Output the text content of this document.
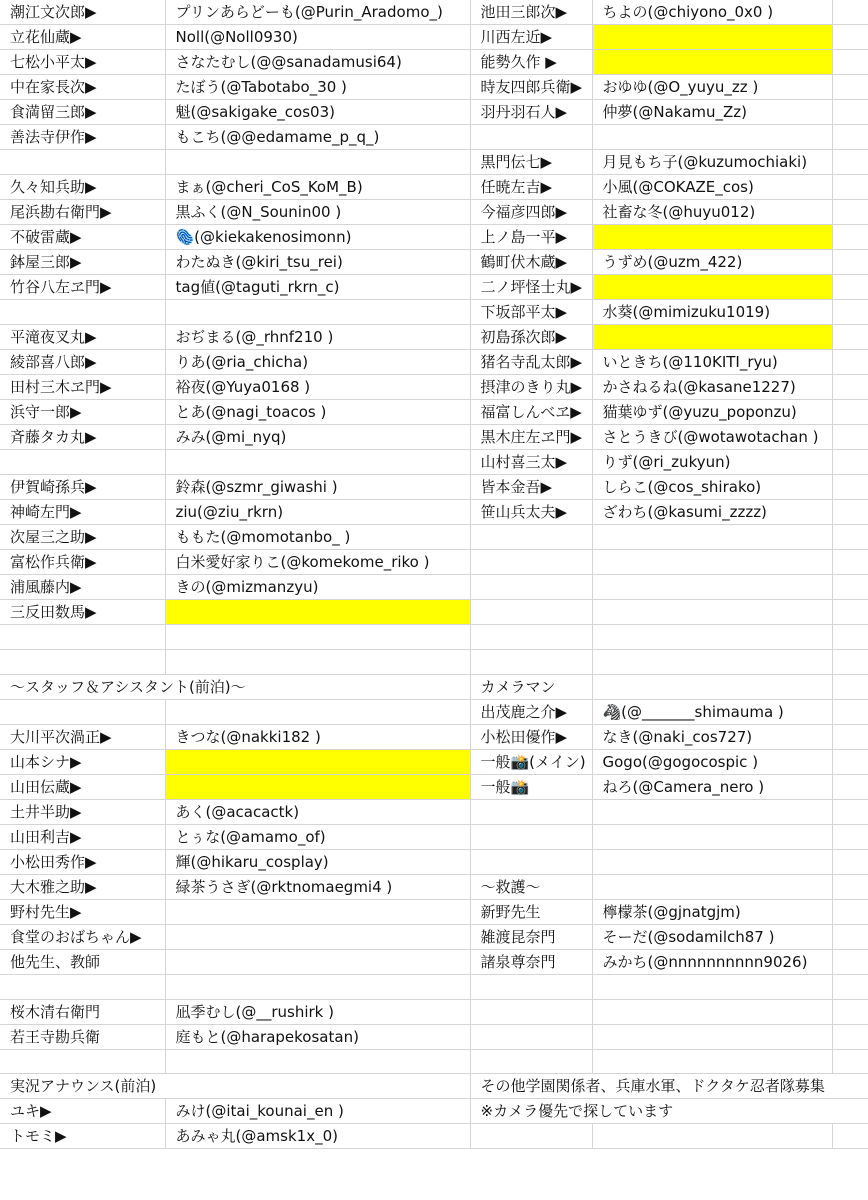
潮江文次郎▶	プリンあらどーも(@Purin_Aradomo_)	池田三郎次▶	ちよの(@chiyono_0x0 )	
立花仙蔵▶	Noll(@Noll0930)	川西左近▶		
七松小平太▶	さなたむし(@@sanadamusi64)	能勢久作 ▶		
中在家長次▶	たぼう(@Tabotabo_30 )	時友四郎兵衛▶	おゆゆ(@O_yuyu_zz )	
食満留三郎▶	魁(@sakigake_cos03)	羽丹羽石人▶	仲夢(@Nakamu_Zz)	
善法寺伊作▶	もこち(@@edamame_p_q_)			
		黒門伝七▶	月見もち子(@kuzumochiaki)	
久々知兵助▶	まぁ(@cheri_CoS_KoM_B)	任暁左吉▶	小風(@COKAZE_cos)	
尾浜勘右衛門▶	黒ふく(@N_Sounin00 )	今福彦四郎▶	社畜な冬(@huyu012)	
不破雷蔵▶	🫆(@kiekakenosimonn)	上ノ島一平▶		
鉢屋三郎▶	わたぬき(@kiri_tsu_rei)	鶴町伏木蔵▶	うずめ(@uzm_422)	
竹谷八左ヱ門▶	tag値(@taguti_rkrn_c)	二ノ坪怪士丸▶		
		下坂部平太▶	水葵(@mimizuku1019)	
平滝夜叉丸▶	おぢまる(@_rhnf210 )	初島孫次郎▶		
綾部喜八郎▶	りあ(@ria_chicha)	猪名寺乱太郎▶	いときち(@110KITI_ryu)	
田村三木ヱ門▶	裕夜(@Yuya0168 )	摂津のきり丸▶	かさねるね(@kasane1227)	
浜守一郎▶	とあ(@nagi_toacos )	福富しんべヱ▶	猫葉ゆず(@yuzu_poponzu)	
斉藤タカ丸▶	みみ(@mi_nyq)	黒木庄左ヱ門▶	さとうきび(@wotawotachan )	
		山村喜三太▶	りず(@ri_zukyun)	
伊賀崎孫兵▶	鈴森(@szmr_giwashi )	皆本金吾▶	しらこ(@cos_shirako)	
神崎左門▶	ziu(@ziu_rkrn)	笹山兵太夫▶	ざわち(@kasumi_zzzz)	
次屋三之助▶	ももた(@momotanbo_ )			
富松作兵衛▶	白米愛好家りこ(@komekome_riko )			
浦風藤内▶	きの(@mizmanzyu)			
三反田数馬▶				

〜スタッフ＆アシスタント(前泊)〜		カメラマン		
		出茂鹿之介▶	🦓(@_______shimauma )	
大川平次渦正▶	きつな(@nakki182 )	小松田優作▶	なき(@naki_cos727)	
山本シナ▶		一般📸(メイン)	Gogo(@gogocospic )	
山田伝蔵▶		一般📸	ねろ(@Camera_nero )	
土井半助▶	あく(@acacactk)			
山田利吉▶	とぅな(@amamo_of)			
小松田秀作▶	輝(@hikaru_cosplay)			
大木雅之助▶	緑茶うさぎ(@rktnomaegmi4 )	〜救護〜		
野村先生▶		新野先生	檸檬茶(@gjnatgjm)	
食堂のおばちゃん▶		雑渡昆奈門	そーだ(@sodamilch87 )	
他先生、教師		諸泉尊奈門	みかち(@nnnnnnnnnn9026)	

桜木清右衛門	凪季むし(@__rushirk )			
若王寺勘兵衛	庭もと(@harapekosatan)			

実況アナウンス(前泊)		その他学園関係者、兵庫水軍、ドクタケ忍者隊募集		
ユキ▶	みけ(@itai_kounai_en )	※カメラ優先で探しています		
トモミ▶	あみゃ丸(@amsk1x_0)			
